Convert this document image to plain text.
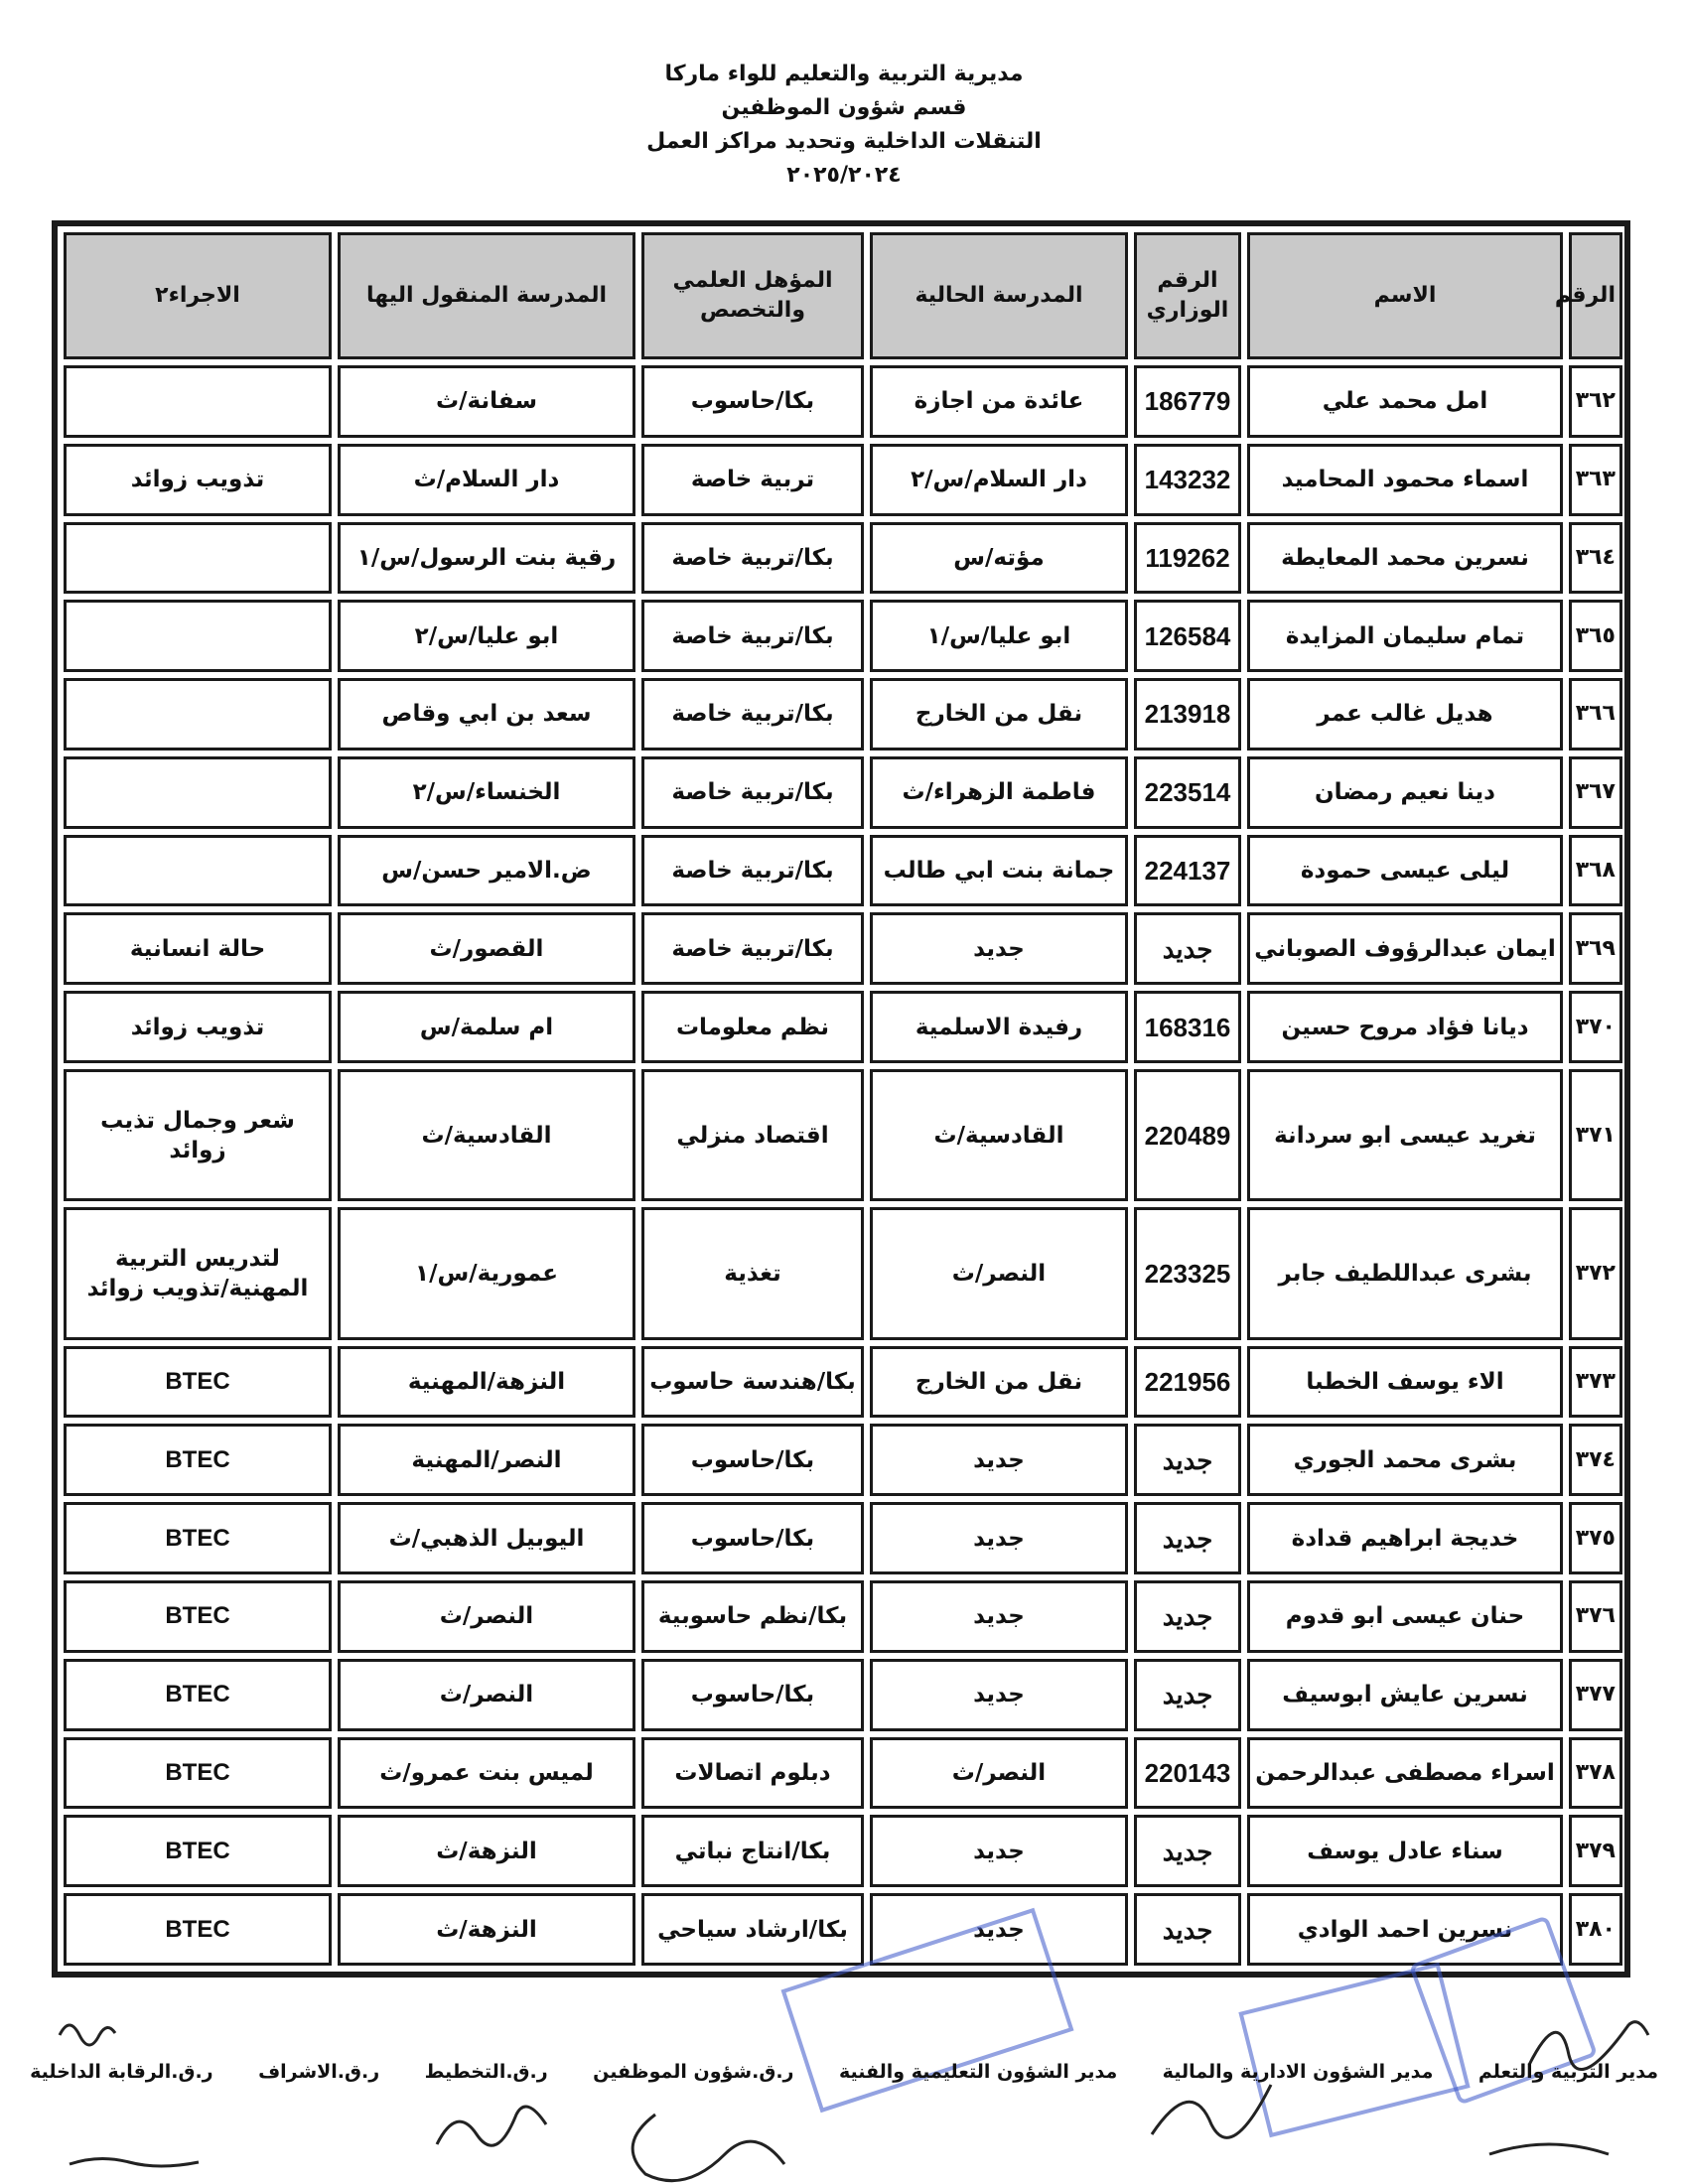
مديرية التربية والتعليم للواء ماركا
قسم شؤون الموظفين
التنقلات الداخلية وتحديد مراكز العمل
٢٠٢٥/٢٠٢٤
الرقم	الاسم	الرقم الوزاري	المدرسة الحالية	المؤهل العلمي والتخصص	المدرسة المنقول اليها	الاجراء٢
٣٦٢	امل محمد علي	186779	عائدة من اجازة	بكا/حاسوب	سفانة/ث	
٣٦٣	اسماء محمود المحاميد	143232	دار السلام/س/٢	تربية خاصة	دار السلام/ث	تذويب زوائد
٣٦٤	نسرين محمد المعايطة	119262	مؤته/س	بكا/تربية خاصة	رقية بنت الرسول/س/١	
٣٦٥	تمام سليمان المزايدة	126584	ابو عليا/س/١	بكا/تربية خاصة	ابو عليا/س/٢	
٣٦٦	هديل غالب عمر	213918	نقل من الخارج	بكا/تربية خاصة	سعد بن ابي وقاص	
٣٦٧	دينا نعيم رمضان	223514	فاطمة الزهراء/ث	بكا/تربية خاصة	الخنساء/س/٢	
٣٦٨	ليلى عيسى حمودة	224137	جمانة بنت ابي طالب	بكا/تربية خاصة	ض.الامير حسن/س	
٣٦٩	ايمان عبدالرؤوف الصوباني	جديد	جديد	بكا/تربية خاصة	القصور/ث	حالة انسانية
٣٧٠	ديانا فؤاد مروح حسين	168316	رفيدة الاسلمية	نظم معلومات	ام سلمة/س	تذويب زوائد
٣٧١	تغريد عيسى ابو سردانة	220489	القادسية/ث	اقتصاد منزلي	القادسية/ث	شعر وجمال تذيب زوائد
٣٧٢	بشرى عبداللطيف جابر	223325	النصر/ث	تغذية	عمورية/س/١	لتدريس التربية المهنية/تذويب زوائد
٣٧٣	الاء يوسف الخطبا	221956	نقل من الخارج	بكا/هندسة حاسوب	النزهة/المهنية	BTEC
٣٧٤	بشرى محمد الجوري	جديد	جديد	بكا/حاسوب	النصر/المهنية	BTEC
٣٧٥	خديجة ابراهيم قدادة	جديد	جديد	بكا/حاسوب	اليوبيل الذهبي/ث	BTEC
٣٧٦	حنان عيسى ابو قدوم	جديد	جديد	بكا/نظم حاسوبية	النصر/ث	BTEC
٣٧٧	نسرين عايش ابوسيف	جديد	جديد	بكا/حاسوب	النصر/ث	BTEC
٣٧٨	اسراء مصطفى عبدالرحمن	220143	النصر/ث	دبلوم اتصالات	لميس بنت عمرو/ث	BTEC
٣٧٩	سناء عادل يوسف	جديد	جديد	بكا/انتاج نباتي	النزهة/ث	BTEC
٣٨٠	نسرين احمد الوادي	جديد	جديد	بكا/ارشاد سياحي	النزهة/ث	BTEC
مدير التربية والتعلم
مدير الشؤون الادارية والمالية
مدير الشؤون التعليمية والفنية
ر.ق.شؤون الموظفين
ر.ق.التخطيط
ر.ق.الاشراف
ر.ق.الرقابة الداخلية
